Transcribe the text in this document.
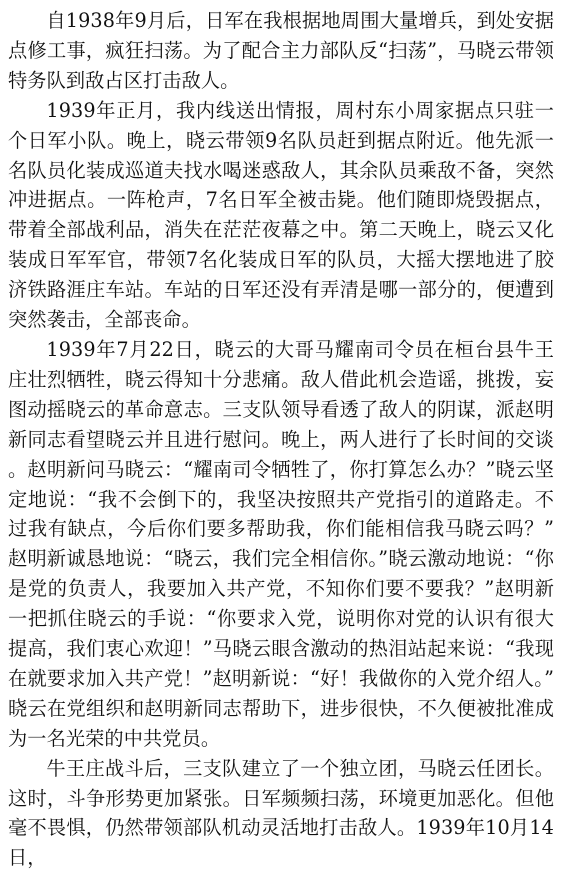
自1938年9月后，日军在我根据地周围大量增兵，到处安据点修工事，疯狂扫荡。为了配合主力部队反“扫荡”，马晓云带领特务队到敌占区打击敌人。

1939年正月，我内线送出情报，周村东小周家据点只驻一个日军小队。晚上，晓云带领9名队员赶到据点附近。他先派一名队员化装成巡道夫找水喝迷惑敌人，其余队员乘敌不备，突然冲进据点。一阵枪声，7名日军全被击毙。他们随即烧毁据点，带着全部战利品，消失在茫茫夜幕之中。第二天晚上，晓云又化装成日军军官，带领7名化装成日军的队员，大摇大摆地进了胶济铁路涯庄车站。车站的日军还没有弄清是哪一部分的，便遭到突然袭击，全部丧命。

1939年7月22日，晓云的大哥马耀南司令员在桓台县牛王庄壮烈牺牲，晓云得知十分悲痛。敌人借此机会造谣，挑拨，妄图动摇晓云的革命意志。三支队领导看透了敌人的阴谋，派赵明新同志看望晓云并且进行慰问。晚上，两人进行了长时间的交谈。赵明新问马晓云：“耀南司令牺牲了，你打算怎么办？”晓云坚定地说：“我不会倒下的，我坚决按照共产党指引的道路走。不过我有缺点，今后你们要多帮助我，你们能相信我马晓云吗？”赵明新诚恳地说：“晓云，我们完全相信你。”晓云激动地说：“你是党的负责人，我要加入共产党，不知你们要不要我？”赵明新一把抓住晓云的手说：“你要求入党，说明你对党的认识有很大提高，我们衷心欢迎！”马晓云眼含激动的热泪站起来说：“我现在就要求加入共产党！”赵明新说：“好！我做你的入党介绍人。”晓云在党组织和赵明新同志帮助下，进步很快，不久便被批准成为一名光荣的中共党员。

牛王庄战斗后，三支队建立了一个独立团，马晓云任团长。这时，斗争形势更加紧张。日军频频扫荡，环境更加恶化。但他毫不畏惧，仍然带领部队机动灵活地打击敌人。1939年10月14日，
